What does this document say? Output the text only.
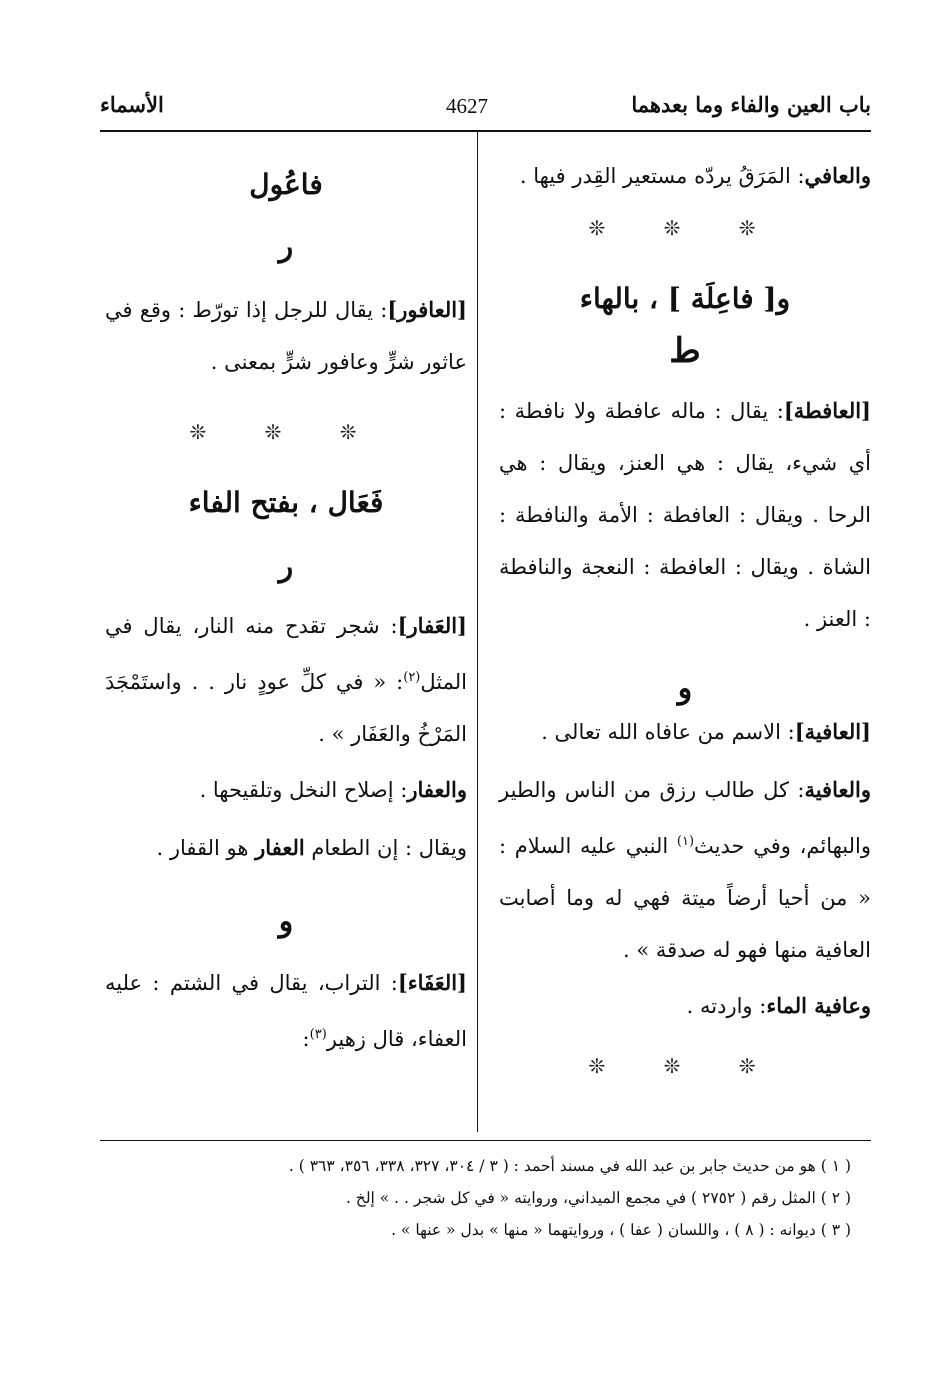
باب العين والفاء وما بعدهما
4627
الأسماء

والعافي: المَرَقُ يردّه مستعير القِدر فيها .

❊ ❊ ❊
و[ فاعِلَة ] ، بالهاء
ط

[العافطة]: يقال : ماله عافطة ولا نافطة : أي شيء، يقال : هي العنز، ويقال : هي الرحا . ويقال : العافطة : الأمة والنافطة : الشاة . ويقال : العافطة : النعجة والنافطة : العنز .

و

[العافية]: الاسم من عافاه الله تعالى .

والعافية: كل طالب رزق من الناس والطير والبهائم، وفي حديث$^{(١)}$ النبي عليه السلام : « من أحيا أرضاً ميتة فهي له وما أصابت العافية منها فهو له صدقة » .

وعافية الماء: واردته .

❊ ❊ ❊
فاعُول
ر

[العافور]: يقال للرجل إذا تورّط : وقع في عاثور شرٍّ وعافور شرٍّ بمعنى .

❊ ❊ ❊
فَعَال ، بفتح الفاء
ر

[العَفار]: شجر تقدح منه النار، يقال في المثل$^{(٢)}$: « في كلِّ عودٍ نار . . واستَمْجَدَ المَرْخُ والعَفَار » .

والعفار: إصلاح النخل وتلقيحها .

ويقال : إن الطعام العفار هو القفار .

و

[العَفَاء]: التراب، يقال في الشتم : عليه العفاء، قال زهير$^{(٣)}$:

( ١ ) هو من حديث جابر بن عبد الله في مسند أحمد : ( ٣ / ٣٠٤، ٣٢٧، ٣٣٨، ٣٥٦، ٣٦٣ ) .
( ٢ ) المثل رقم ( ٢٧٥٢ ) في مجمع الميداني، وروايته « في كل شجر . . » إلخ .
( ٣ ) ديوانه : ( ٨ ) ، واللسان ( عفا ) ، وروايتهما « منها » بدل « عنها » .
